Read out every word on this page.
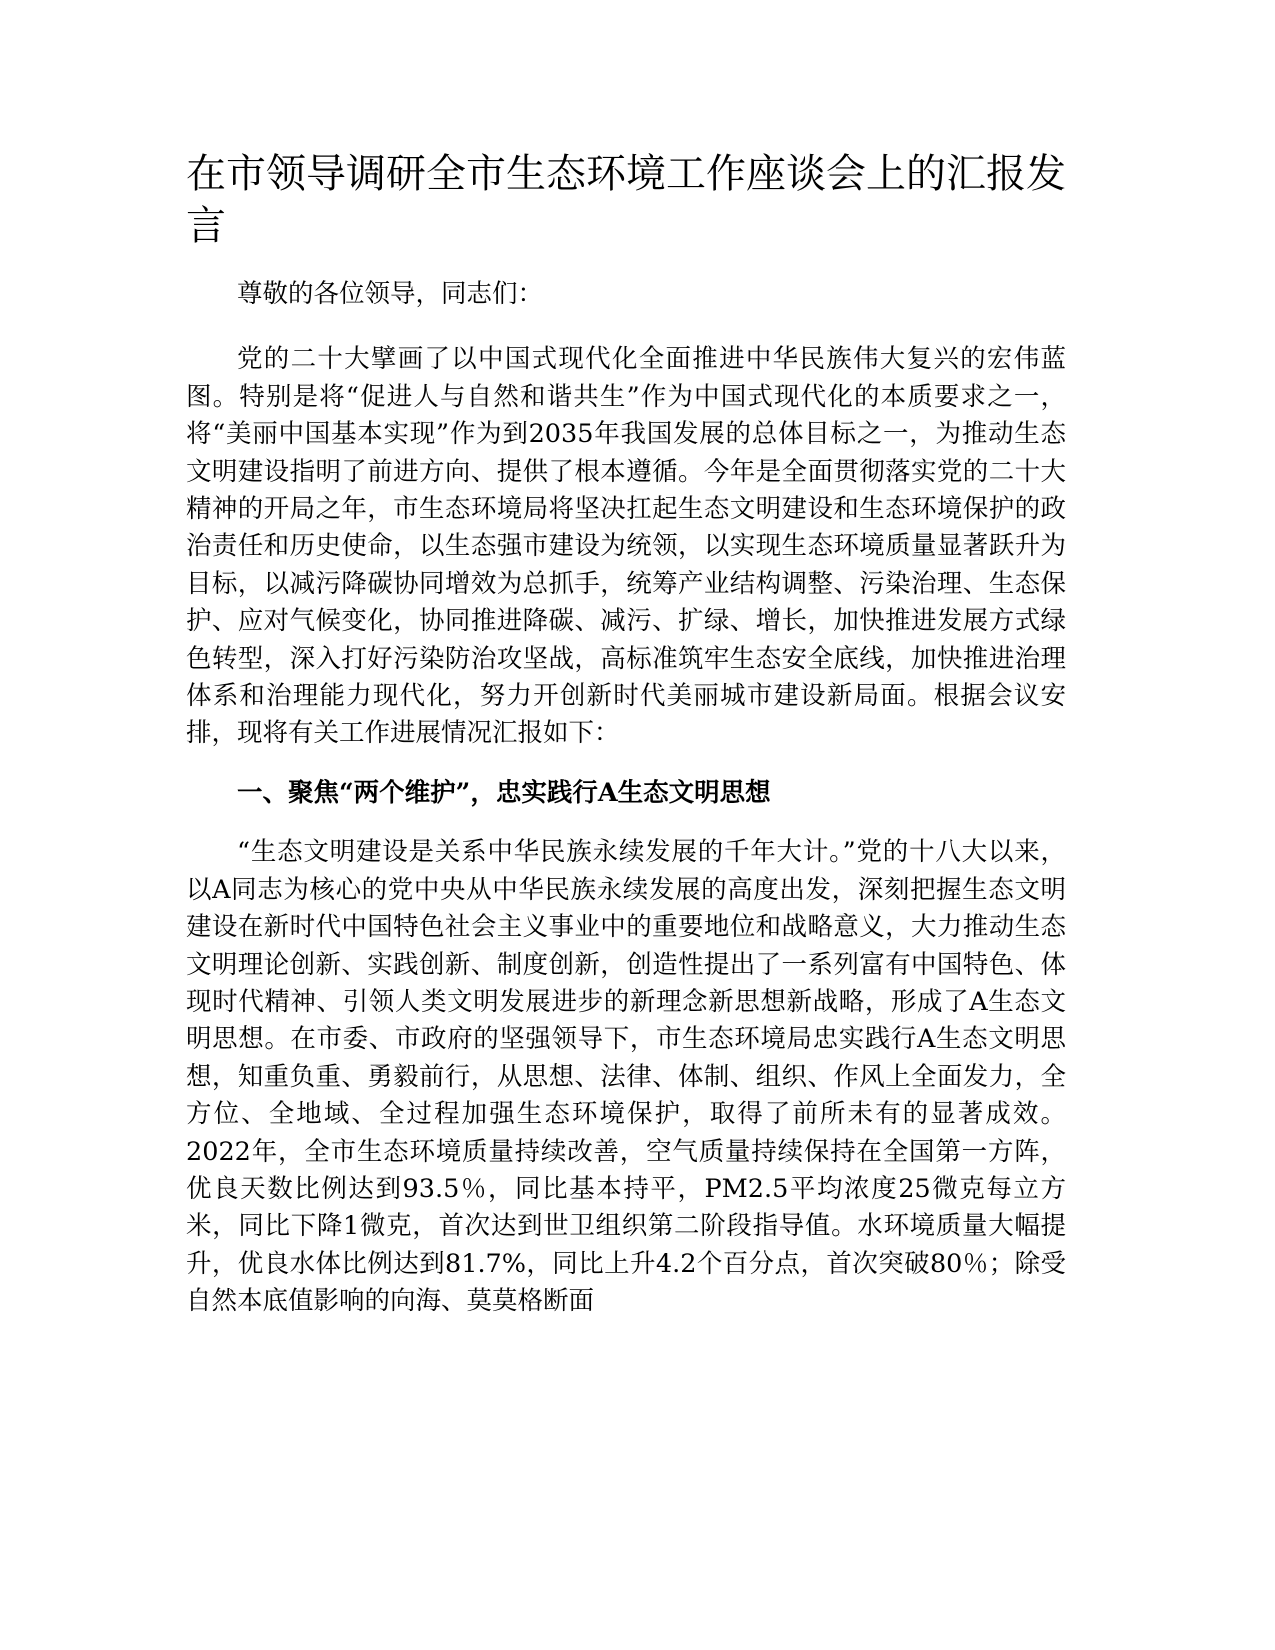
在市领导调研全市生态环境工作座谈会上的汇报发言

尊敬的各位领导，同志们：

党的二十大擘画了以中国式现代化全面推进中华民族伟大复兴的宏伟蓝图。特别是将“促进人与自然和谐共生”作为中国式现代化的本质要求之一，将“美丽中国基本实现”作为到2035年我国发展的总体目标之一，为推动生态文明建设指明了前进方向、提供了根本遵循。今年是全面贯彻落实党的二十大精神的开局之年，市生态环境局将坚决扛起生态文明建设和生态环境保护的政治责任和历史使命，以生态强市建设为统领，以实现生态环境质量显著跃升为目标，以减污降碳协同增效为总抓手，统筹产业结构调整、污染治理、生态保护、应对气候变化，协同推进降碳、减污、扩绿、增长，加快推进发展方式绿色转型，深入打好污染防治攻坚战，高标准筑牢生态安全底线，加快推进治理体系和治理能力现代化，努力开创新时代美丽城市建设新局面。根据会议安排，现将有关工作进展情况汇报如下：

一、聚焦“两个维护”，忠实践行A生态文明思想

“生态文明建设是关系中华民族永续发展的千年大计。”党的十八大以来，以A同志为核心的党中央从中华民族永续发展的高度出发，深刻把握生态文明建设在新时代中国特色社会主义事业中的重要地位和战略意义，大力推动生态文明理论创新、实践创新、制度创新，创造性提出了一系列富有中国特色、体现时代精神、引领人类文明发展进步的新理念新思想新战略，形成了A生态文明思想。在市委、市政府的坚强领导下，市生态环境局忠实践行A生态文明思想，知重负重、勇毅前行，从思想、法律、体制、组织、作风上全面发力，全方位、全地域、全过程加强生态环境保护，取得了前所未有的显著成效。2022年，全市生态环境质量持续改善，空气质量持续保持在全国第一方阵，优良天数比例达到93.5％，同比基本持平，PM2.5平均浓度25微克每立方米，同比下降1微克，首次达到世卫组织第二阶段指导值。水环境质量大幅提升，优良水体比例达到81.7%，同比上升4.2个百分点，首次突破80％；除受自然本底值影响的向海、莫莫格断面
